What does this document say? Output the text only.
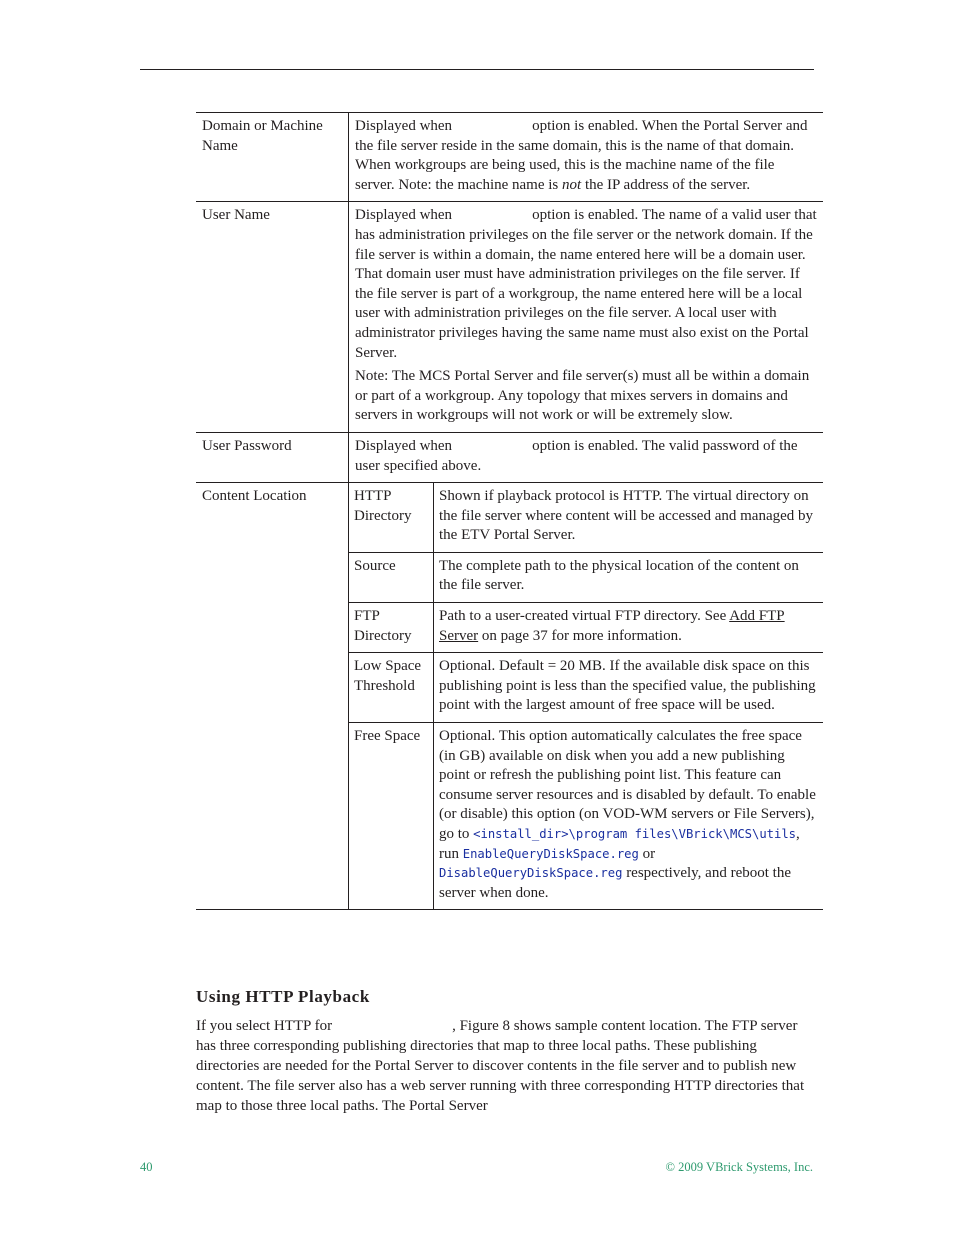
Domain or Machine Name	Displayed when	option is enabled. When the Portal Server and the file server reside in the same domain, this is the name of that domain. When workgroups are being used, this is the machine name of the file server. Note: the machine name is not the IP address of the server.
User Name	Displayed when	option is enabled. The name of a valid user that has administration privileges on the file server or the network domain. If the file server is within a domain, the name entered here will be a domain user. That domain user must have administration privileges on the file server. If the file server is part of a workgroup, the name entered here will be a local user with administration privileges on the file server. A local user with administrator privileges having the same name must also exist on the Portal Server.

Note: The MCS Portal Server and file server(s) must all be within a domain or part of a workgroup. Any topology that mixes servers in domains and servers in workgroups will not work or will be extremely slow.

User Password	Displayed when	option is enabled. The valid password of the user specified above.
Content Location		HTTP Directory	Shown if playback protocol is HTTP. The virtual directory on the file server where content will be accessed and managed by the ETV Portal Server.
Source	The complete path to the physical location of the content on the file server.
FTP Directory	Path to a user-created virtual FTP directory. See Add FTP Server on page 37 for more information.
Low Space Threshold	Optional. Default = 20 MB. If the available disk space on this publishing point is less than the specified value, the publishing point with the largest amount of free space will be used.
Free Space	Optional. This option automatically calculates the free space (in GB) available on disk when you add a new publishing point or refresh the publishing point list. This feature can consume server resources and is disabled by default. To enable (or disable) this option (on VOD-WM servers or File Servers), go to <install_dir>\program files\VBrick\MCS\utils, run EnableQueryDiskSpace.reg or DisableQueryDiskSpace.reg respectively, and reboot the server when done.
Using HTTP Playback

If you select HTTP for	, Figure 8 shows sample content location. The FTP server has three corresponding publishing directories that map to three local paths. These publishing directories are needed for the Portal Server to discover contents in the file server and to publish new content. The file server also has a web server running with three corresponding HTTP directories that map to those three local paths. The Portal Server

40	© 2009 VBrick Systems, Inc.
